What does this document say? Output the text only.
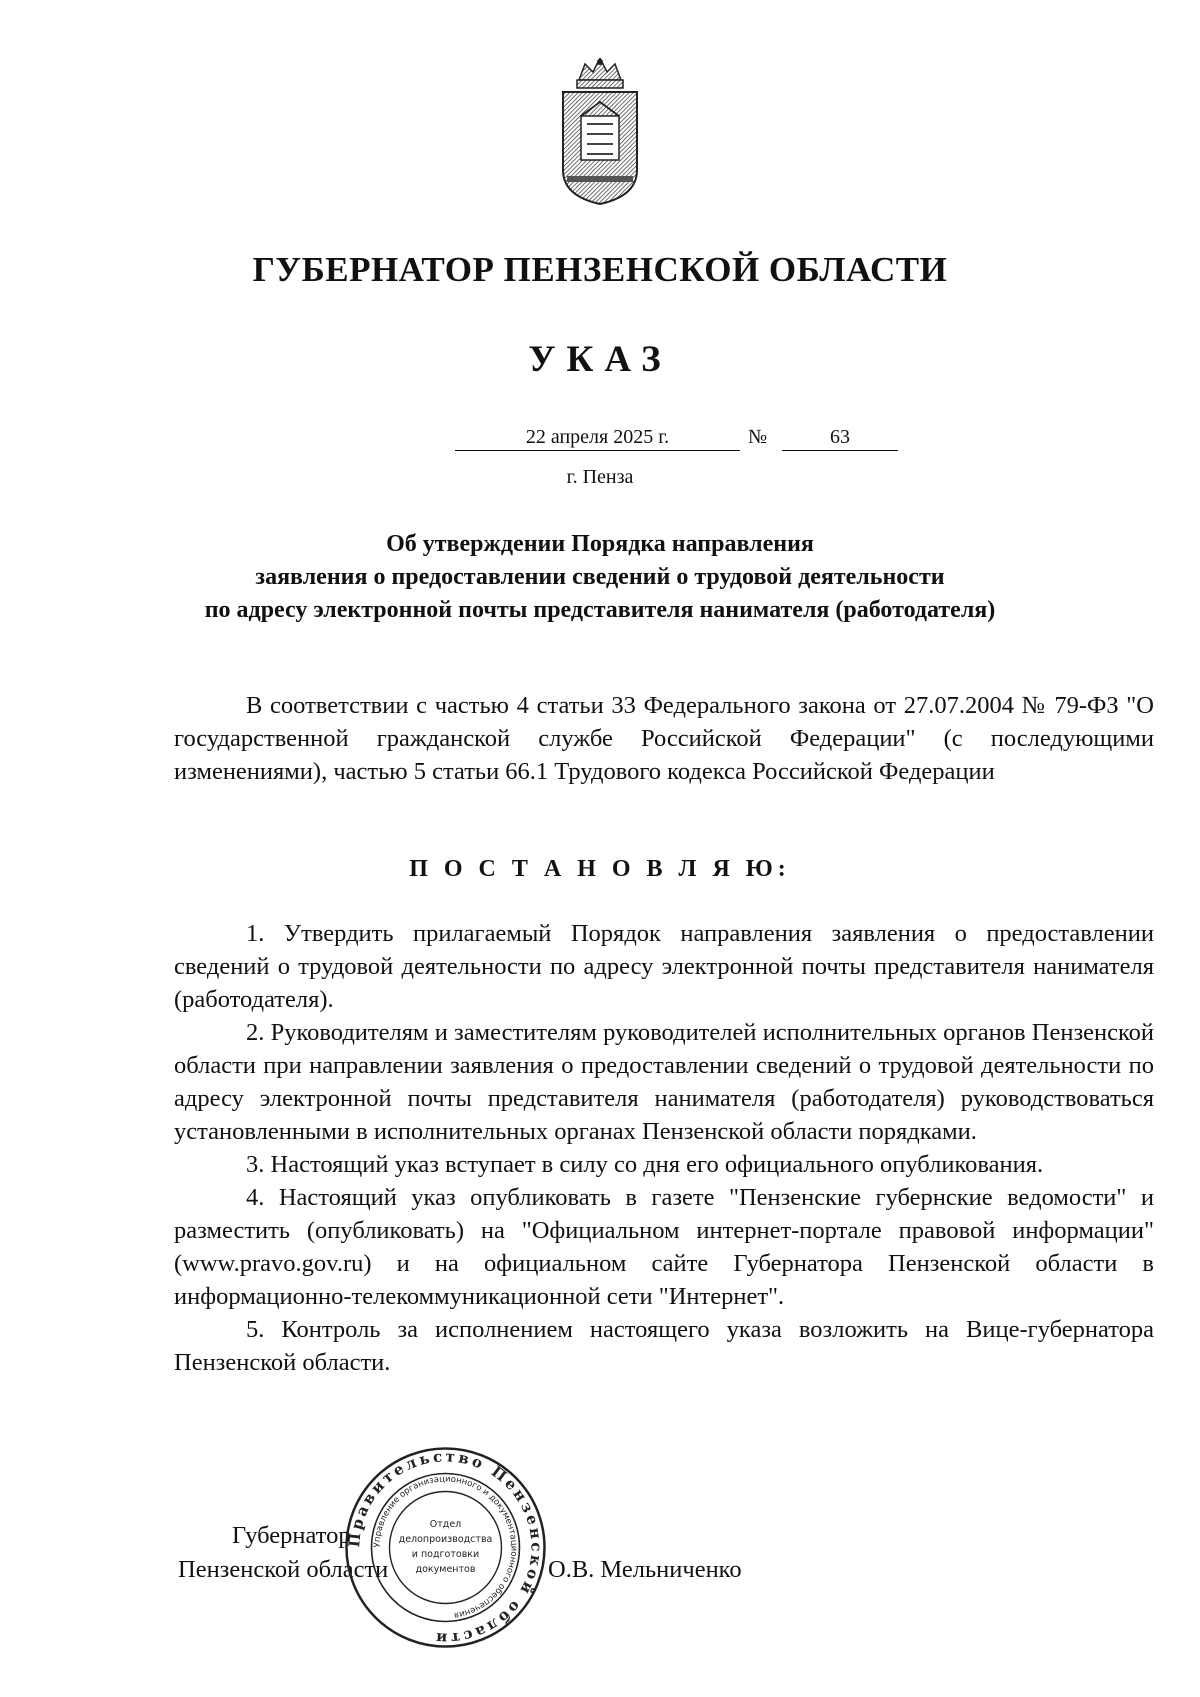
ГУБЕРНАТОР ПЕНЗЕНСКОЙ ОБЛАСТИ
УКАЗ
22 апреля 2025 г.	№	63
г. Пенза
Об утверждении Порядка направления
заявления о предоставлении сведений о трудовой деятельности
по адресу электронной почты представителя нанимателя (работодателя)

В соответствии с частью 4 статьи 33 Федерального закона от 27.07.2004 № 79-ФЗ "О государственной гражданской службе Российской Федерации" (с последующими изменениями), частью 5 статьи 66.1 Трудового кодекса Российской Федерации

П О С Т А Н О В Л Я Ю:

1. Утвердить прилагаемый Порядок направления заявления о предоставлении сведений о трудовой деятельности по адресу электронной почты представителя нанимателя (работодателя).

2. Руководителям и заместителям руководителей исполнительных органов Пензенской области при направлении заявления о предоставлении сведений о трудовой деятельности по адресу электронной почты представителя нанимателя (работодателя) руководствоваться установленными в исполнительных органах Пензенской области порядками.

3. Настоящий указ вступает в силу со дня его официального опубликования.

4. Настоящий указ опубликовать в газете "Пензенские губернские ведомости" и разместить (опубликовать) на "Официальном интернет-портале правовой информации" (www.pravo.gov.ru) и на официальном сайте Губернатора Пензенской области в информационно-телекоммуникационной сети "Интернет".

5. Контроль за исполнением настоящего указа возложить на Вице-губернатора Пензенской области.

Губернатор
Пензенской области	О.В. Мельниченко
Правительство Пензенской области
Управление организационного и документационного обеспечения
Отдел
делопроизводства
и подготовки
документов
